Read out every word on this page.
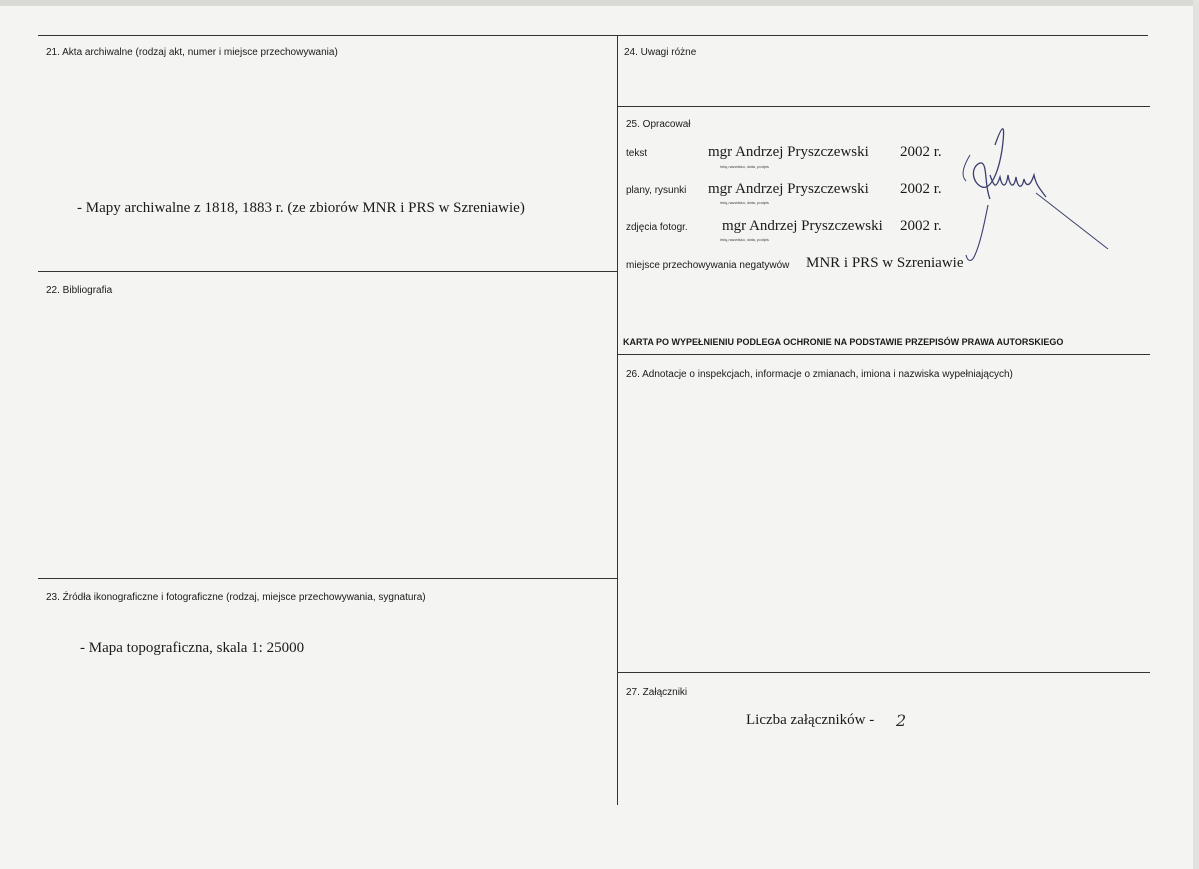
21. Akta archiwalne (rodzaj akt, numer i miejsce przechowywania)
- Mapy archiwalne z 1818, 1883 r. (ze zbiorów MNR i PRS w Szreniawie)
22. Bibliografia
23. Źródła ikonograficzne i fotograficzne (rodzaj, miejsce przechowywania, sygnatura)
- Mapa topograficzna, skala 1: 25000
24. Uwagi różne
25. Opracował
tekst	mgr Andrzej Pryszczewski 2002 r.
imię,nazwisko, data, podpis
plany, rysunki mgr Andrzej Pryszczewski 2002 r.
imię,nazwisko, data, podpis
zdjęcia fotogr. mgr Andrzej Pryszczewski 2002 r.
imię,nazwisko, data, podpis
miejsce przechowywania negatywów MNR i PRS w Szreniawie
KARTA PO WYPEŁNIENIU PODLEGA OCHRONIE NA PODSTAWIE PRZEPISÓW PRAWA AUTORSKIEGO
26. Adnotacje o inspekcjach, informacje o zmianach, imiona i nazwiska wypełniających)
27. Załączniki
Liczba załączników - 2
